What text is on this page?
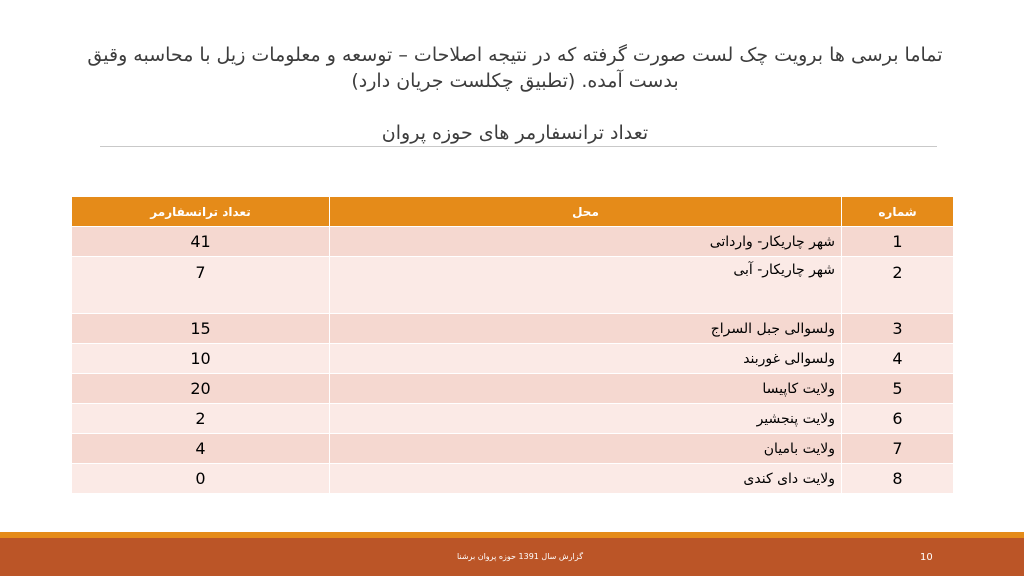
تماما برسی ها برویت چک لست صورت گرفته که در نتیجه اصلاحات – توسعه و معلومات زیل با محاسبه وقیق بدست آمده. (تطبیق چکلست جریان دارد)
تعداد ترانسفارمر های حوزه پروان
شماره	محل	تعداد ترانسفارمر
1	شهر چاریکار- وارداتی	41
2	شهر چاریکار- آبی	7
3	ولسوالی جبل السراج	15
4	ولسوالی غوربند	10
5	ولایت کاپیسا	20
6	ولایت پنجشیر	2
7	ولایت بامیان	4
8	ولایت دای کندی	0
گزارش سال 1391 حوزه پروان برشنا	10
